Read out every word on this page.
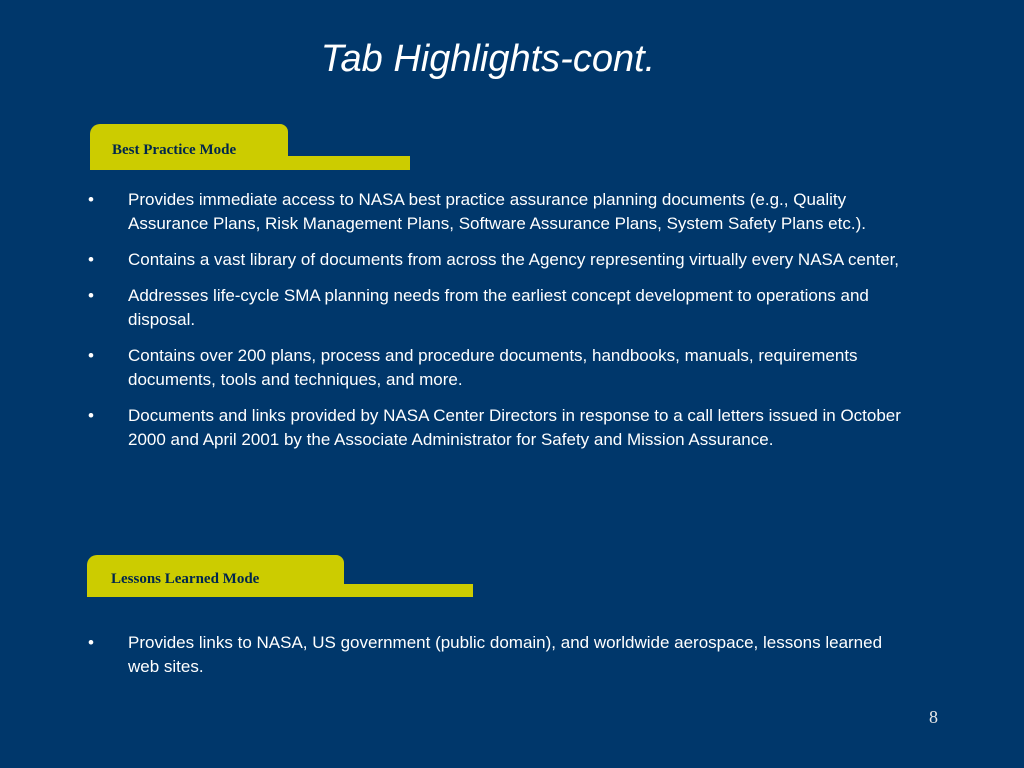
Tab Highlights-cont.
Best Practice Mode
• Provides immediate access to NASA best practice assurance planning documents (e.g., Quality Assurance Plans, Risk Management Plans, Software Assurance Plans, System Safety Plans etc.).
• Contains a vast library of documents from across the Agency representing virtually every NASA center,
• Addresses life-cycle SMA planning needs from the earliest concept development to operations and disposal.
• Contains over 200 plans, process and procedure documents, handbooks, manuals, requirements documents, tools and techniques, and more.
• Documents and links provided by NASA Center Directors in response to a call letters issued in October 2000 and April 2001 by the Associate Administrator for Safety and Mission Assurance.
Lessons Learned Mode
• Provides links to NASA, US government (public domain), and worldwide aerospace, lessons learned web sites.
8
